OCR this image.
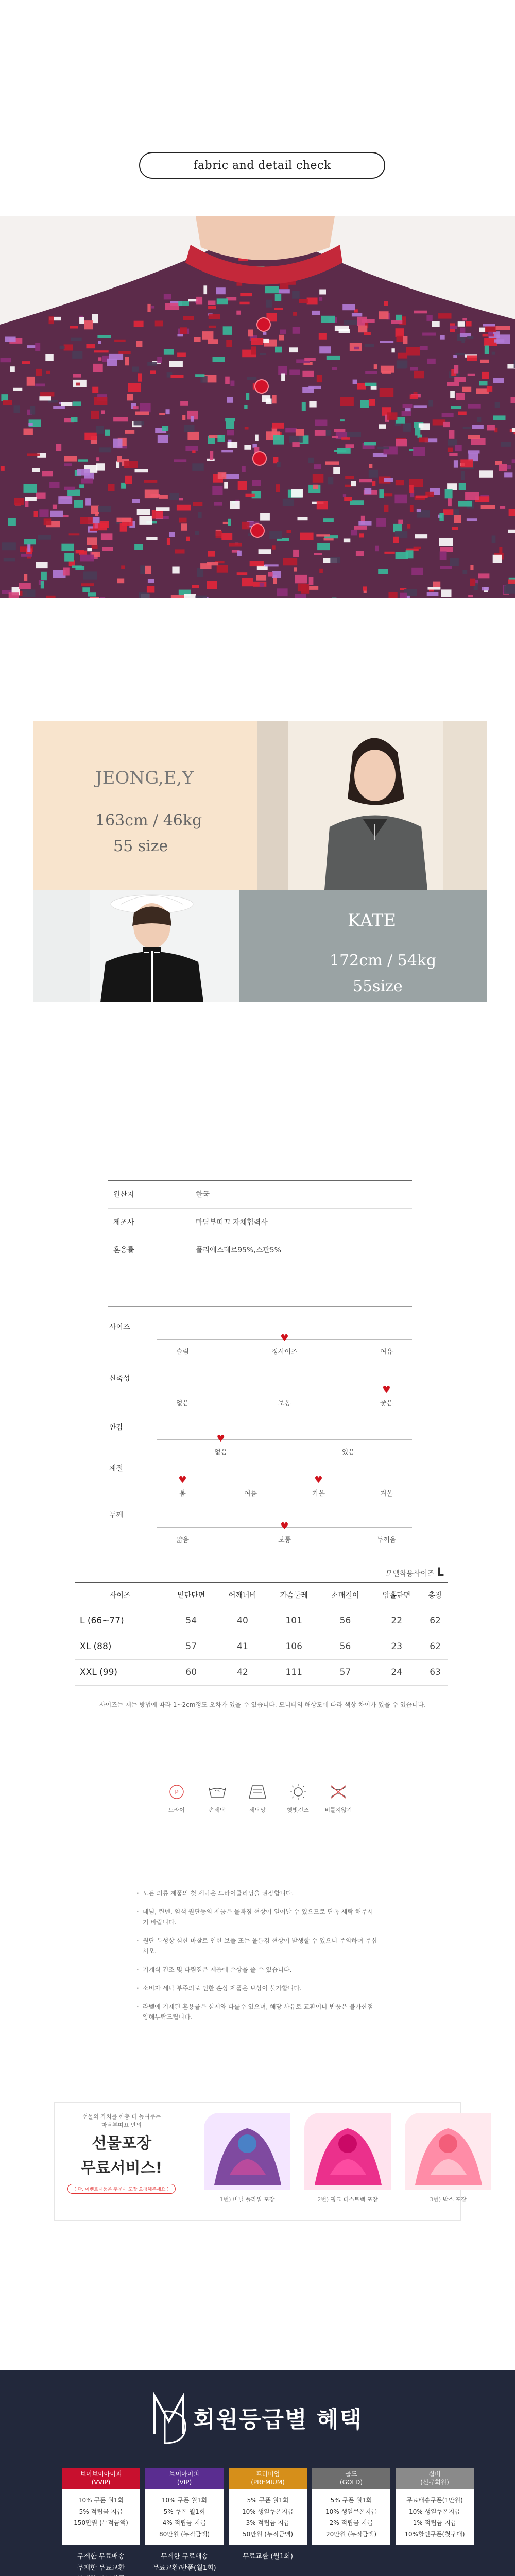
fabric and detail check
JEONG,E,Y
163cm / 46kg
55 size
KATE
172cm / 54kg
55size
원산지	한국
제조사	마담부띠끄 자체협력사
혼용률	폴리에스테르95%,스판5%
사이즈
슬림	정사이즈	여유
♥
신축성
없음	보통	좋음
♥
안감
없음	있음
♥
계절
봄	여름	가을	겨울
♥	♥
두께
얇음	보통	두꺼움
♥
모델착용사이즈 L
사이즈	밑단단면	어깨너비	가슴둘레	소매길이	암홀단면	총장
L (66~77)	54	40	101	56	22	62
XL (88)	57	41	106	56	23	62
XXL (99)	60	42	111	57	24	63
사이즈는 재는 방법에 따라 1~2cm정도 오차가 있을 수 있습니다. 모니터의 해상도에 따라 색상 차이가 있을 수 있습니다.
P
드라이	손세탁	세탁망	햇빛건조	비틀지않기
· 모든 의류 제품의 첫 세탁은 드라이클리닝을 권장합니다.
· 데님, 린넨, 염색 원단등의 제품은 물빠짐 현상이 일어날 수 있으므로 단독 세탁 해주시기 바랍니다.
· 원단 특성상 심한 마찰로 인한 보풀 또는 올튿김 현상이 발생할 수 있으니 주의하여 주십시오.
· 기계식 건조 및 다림질은 제품에 손상을 줄 수 있습니다.
· 소비자 세탁 부주의로 인한 손상 제품은 보상이 불가합니다.
· 라벨에 기재된 혼용률은 실제와 다를수 있으며, 해당 사유로 교환이나 반품은 불가한점 양해부탁드립니다.
선물의 가치를 한층 더 높여주는
마담부띠끄 만의
선물포장
무료서비스!
( 단, 이벤트제품은 주문시 포장 요청해주세요 )
1번) 비닐 플라워 포장	2번) 핑크 더스트백 포장	3번) 박스 포장
회원등급별 혜택
브이브이아이피
(VVIP)
10% 쿠폰 월1회
5% 적립금 지급
150만원 (누적금액)
브이아이피
(VIP)
10% 쿠폰 월1회
5% 쿠폰 월1회
4% 적립금 지급
80만원 (누적금액)
프리미엄
(PREMIUM)
5% 쿠폰 월1회
10% 생일쿠폰지급
3% 적립금 지급
50만원 (누적금액)
골드
(GOLD)
5% 쿠폰 월1회
10% 생일쿠폰지급
2% 적립금 지급
20만원 (누적금액)
실버
(신규회원)
무료배송쿠폰(1만원)
10% 생일쿠폰지급
1% 적립금 지급
10%할인쿠폰(첫구매)
무제한 무료배송
무제한 무료교환
무제한 무료배송
무료교환/반품(월1회)
무료교환 (월1회)
